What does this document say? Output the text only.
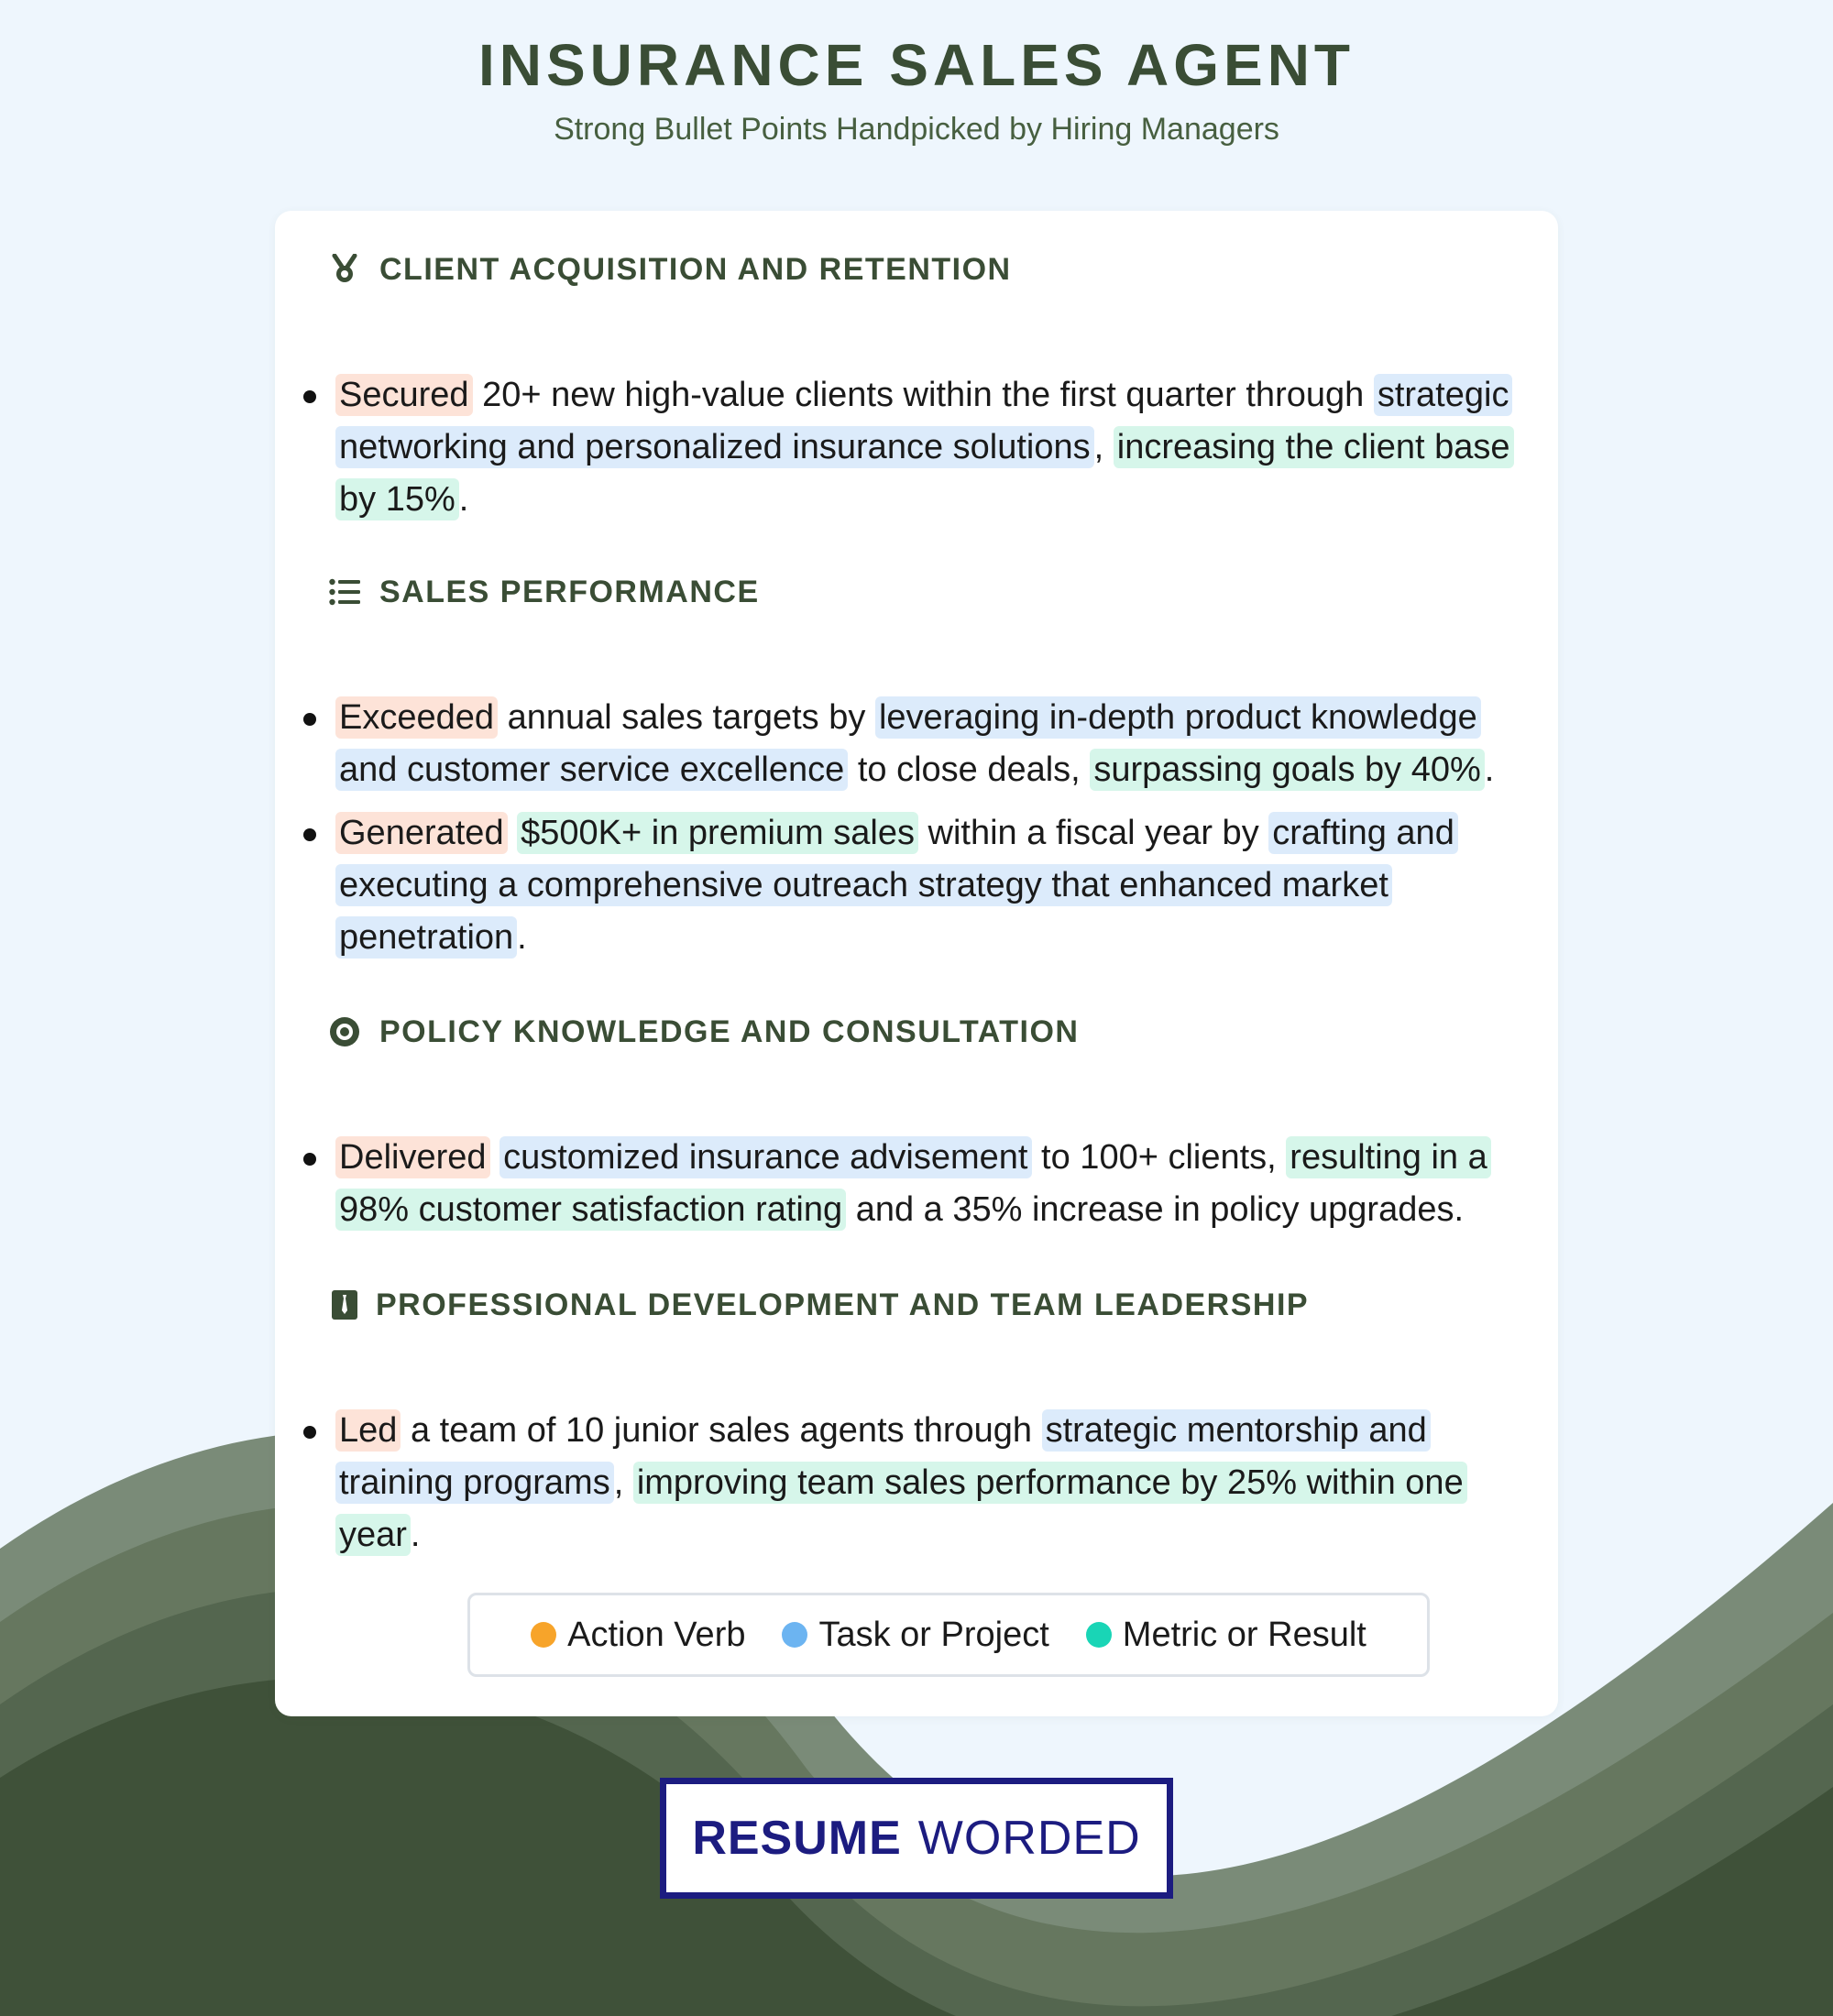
INSURANCE SALES AGENT

Strong Bullet Points Handpicked by Hiring Managers

CLIENT ACQUISITION AND RETENTION
Secured 20+ new high-value clients within the first quarter through strategic networking and personalized insurance solutions , increasing the client base by 15% .
SALES PERFORMANCE
Exceeded annual sales targets by leveraging in-depth product knowledge and customer service excellence to close deals, surpassing goals by 40% .
Generated $500K+ in premium sales within a fiscal year by crafting and executing a comprehensive outreach strategy that enhanced market penetration .
POLICY KNOWLEDGE AND CONSULTATION
Delivered customized insurance advisement to 100+ clients, resulting in a 98% customer satisfaction rating and a 35% increase in policy upgrades.
PROFESSIONAL DEVELOPMENT AND TEAM LEADERSHIP
Led a team of 10 junior sales agents through strategic mentorship and training programs , improving team sales performance by 25% within one year .
Action Verb Task or Project Metric or Result
RESUME WORDED
